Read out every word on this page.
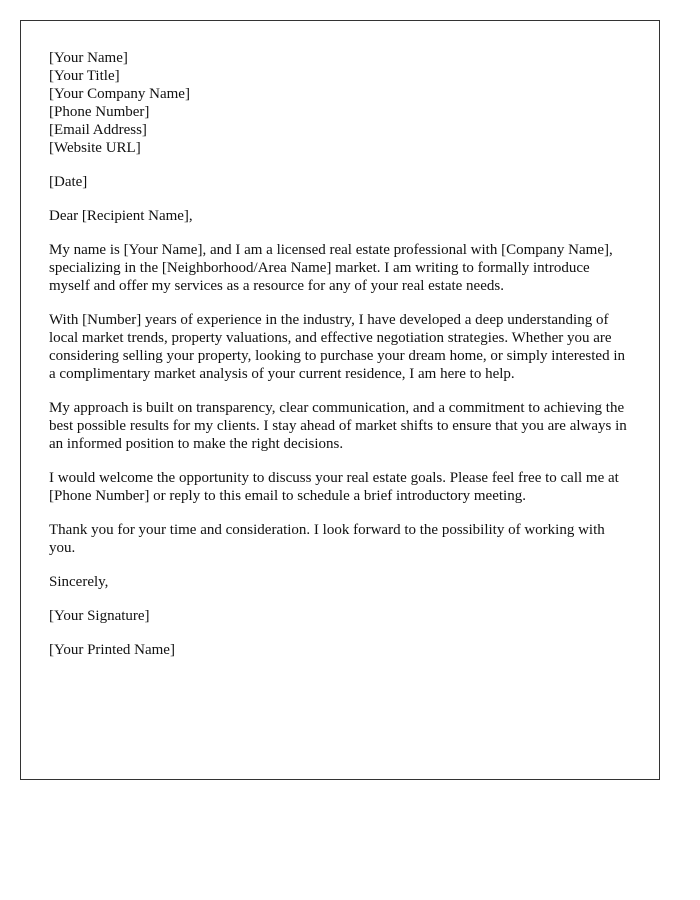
[Your Name]
[Your Title]
[Your Company Name]
[Phone Number]
[Email Address]
[Website URL]

[Date]

Dear [Recipient Name],

My name is [Your Name], and I am a licensed real estate professional with [Company Name], specializing in the [Neighborhood/Area Name] market. I am writing to formally introduce myself and offer my services as a resource for any of your real estate needs.

With [Number] years of experience in the industry, I have developed a deep understanding of local market trends, property valuations, and effective negotiation strategies. Whether you are considering selling your property, looking to purchase your dream home, or simply interested in a complimentary market analysis of your current residence, I am here to help.

My approach is built on transparency, clear communication, and a commitment to achieving the best possible results for my clients. I stay ahead of market shifts to ensure that you are always in an informed position to make the right decisions.

I would welcome the opportunity to discuss your real estate goals. Please feel free to call me at [Phone Number] or reply to this email to schedule a brief introductory meeting.

Thank you for your time and consideration. I look forward to the possibility of working with you.

Sincerely,

[Your Signature]

[Your Printed Name]
